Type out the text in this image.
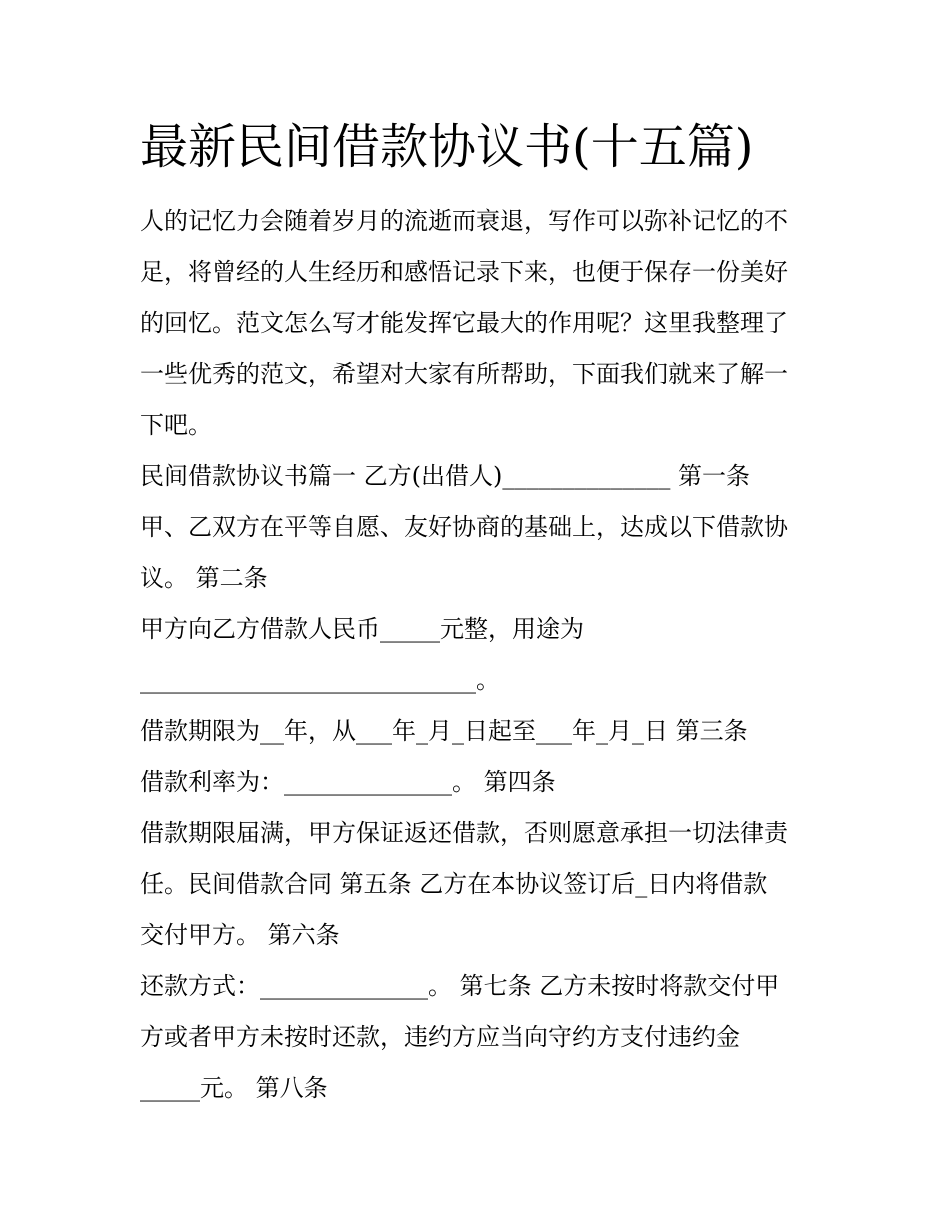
最新民间借款协议书(十五篇)

人的记忆力会随着岁月的流逝而衰退，写作可以弥补记忆的不

足，将曾经的人生经历和感悟记录下来，也便于保存一份美好

的回忆。范文怎么写才能发挥它最大的作用呢？这里我整理了

一些优秀的范文，希望对大家有所帮助，下面我们就来了解一

下吧。

民间借款协议书篇一 乙方(出借人)______________ 第一条

甲、乙双方在平等自愿、友好协商的基础上，达成以下借款协

议。 第二条

甲方向乙方借款人民币_____元整，用途为

____________________________。

借款期限为__年，从___年_月_日起至___年_月_日 第三条

借款利率为：______________。 第四条

借款期限届满，甲方保证返还借款，否则愿意承担一切法律责

任。民间借款合同 第五条 乙方在本协议签订后_日内将借款

交付甲方。 第六条

还款方式：______________。 第七条 乙方未按时将款交付甲

方或者甲方未按时还款，违约方应当向守约方支付违约金

_____元。 第八条
